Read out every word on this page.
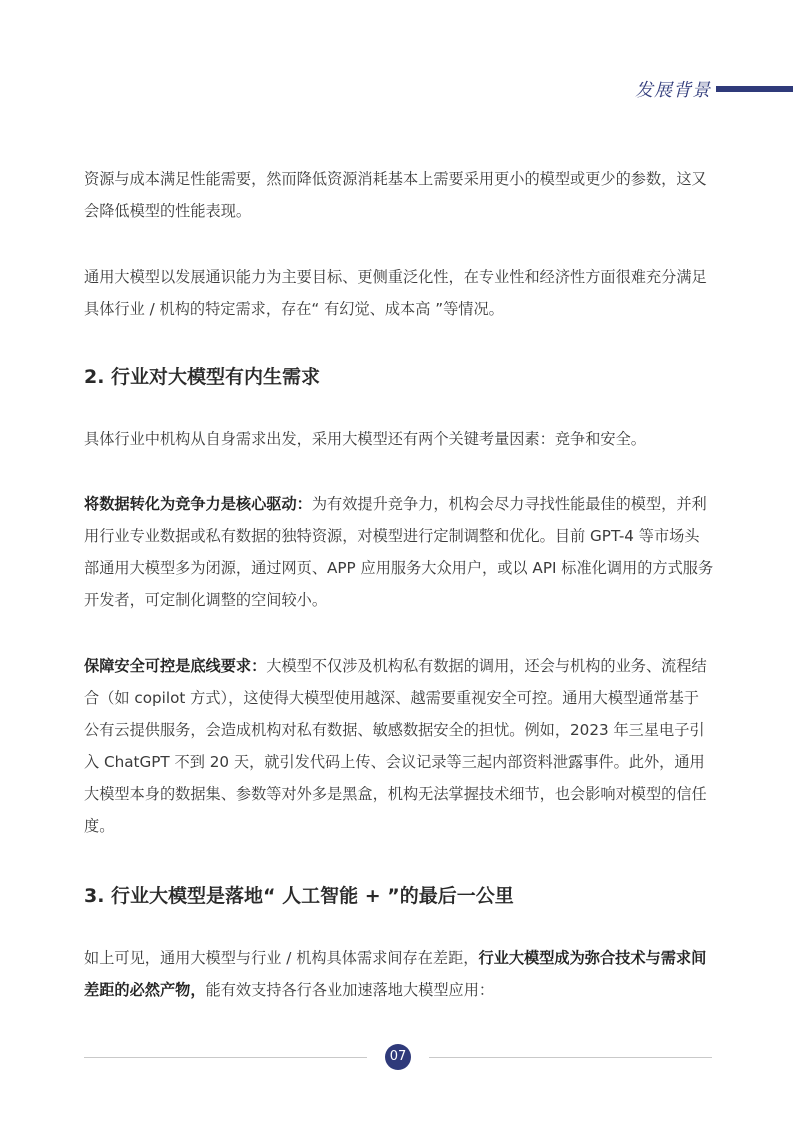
发展背景

资源与成本满足性能需要，然而降低资源消耗基本上需要采用更小的模型或更少的参数，这又会降低模型的性能表现。

通用大模型以发展通识能力为主要目标、更侧重泛化性，在专业性和经济性方面很难充分满足具体行业 / 机构的特定需求，存在“ 有幻觉、成本高 ”等情况。

2. 行业对大模型有内生需求

具体行业中机构从自身需求出发，采用大模型还有两个关键考量因素：竞争和安全。

将数据转化为竞争力是核心驱动：为有效提升竞争力，机构会尽力寻找性能最佳的模型，并利用行业专业数据或私有数据的独特资源，对模型进行定制调整和优化。目前 GPT-4 等市场头部通用大模型多为闭源，通过网页、APP 应用服务大众用户，或以 API 标准化调用的方式服务开发者，可定制化调整的空间较小。

保障安全可控是底线要求：大模型不仅涉及机构私有数据的调用，还会与机构的业务、流程结合（如 copilot 方式），这使得大模型使用越深、越需要重视安全可控。通用大模型通常基于公有云提供服务，会造成机构对私有数据、敏感数据安全的担忧。例如，2023 年三星电子引入 ChatGPT 不到 20 天，就引发代码上传、会议记录等三起内部资料泄露事件。此外，通用大模型本身的数据集、参数等对外多是黑盒，机构无法掌握技术细节，也会影响对模型的信任度。

3. 行业大模型是落地“ 人工智能 + ”的最后一公里

如上可见，通用大模型与行业 / 机构具体需求间存在差距，行业大模型成为弥合技术与需求间差距的必然产物，能有效支持各行各业加速落地大模型应用：

07
